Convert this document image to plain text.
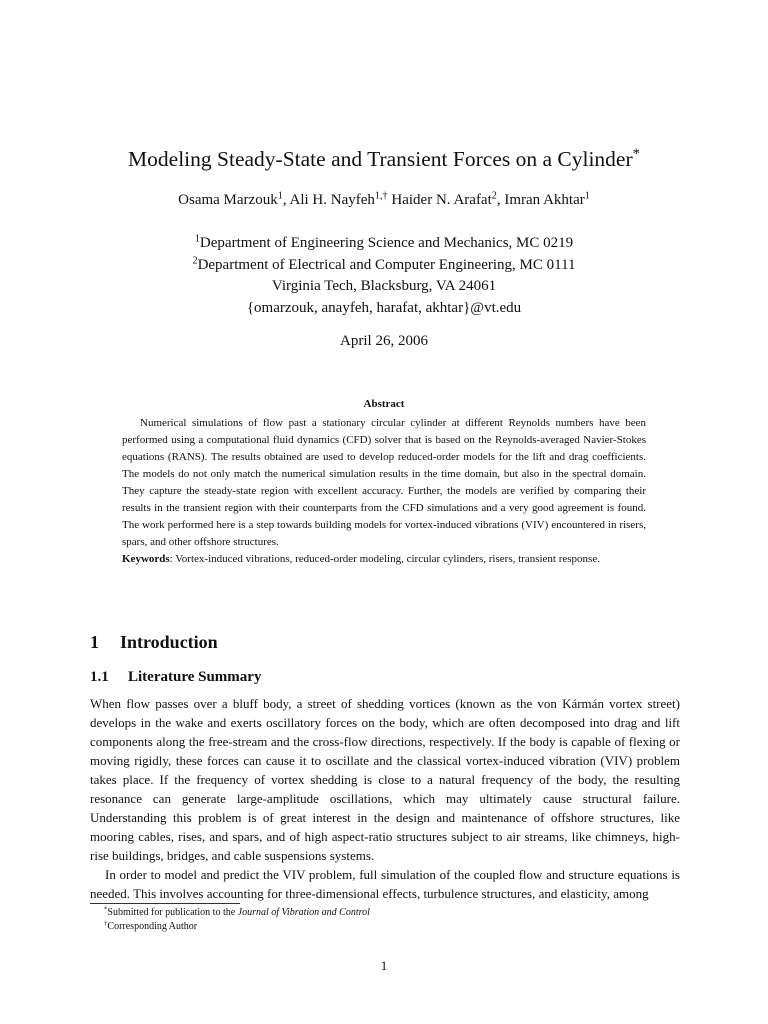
Modeling Steady-State and Transient Forces on a Cylinder*
Osama Marzouk$^1$, Ali H. Nayfeh$^{1,\dagger}$ Haider N. Arafat$^2$, Imran Akhtar$^1$
$^1$Department of Engineering Science and Mechanics, MC 0219
$^2$Department of Electrical and Computer Engineering, MC 0111
Virginia Tech, Blacksburg, VA 24061
{omarzouk, anayfeh, harafat, akhtar}@vt.edu
April 26, 2006
Abstract

Numerical simulations of flow past a stationary circular cylinder at different Reynolds numbers have been performed using a computational fluid dynamics (CFD) solver that is based on the Reynolds-averaged Navier-Stokes equations (RANS). The results obtained are used to develop reduced-order models for the lift and drag coefficients. The models do not only match the numerical simulation results in the time domain, but also in the spectral domain. They capture the steady-state region with excellent accuracy. Further, the models are verified by comparing their results in the transient region with their counterparts from the CFD simulations and a very good agreement is found. The work performed here is a step towards building models for vortex-induced vibrations (VIV) encountered in risers, spars, and other offshore structures.

Keywords: Vortex-induced vibrations, reduced-order modeling, circular cylinders, risers, transient response.

1 Introduction
1.1 Literature Summary

When flow passes over a bluff body, a street of shedding vortices (known as the von Kármán vortex street) develops in the wake and exerts oscillatory forces on the body, which are often decomposed into drag and lift components along the free-stream and the cross-flow directions, respectively. If the body is capable of flexing or moving rigidly, these forces can cause it to oscillate and the classical vortex-induced vibration (VIV) problem takes place. If the frequency of vortex shedding is close to a natural frequency of the body, the resulting resonance can generate large-amplitude oscillations, which may ultimately cause structural failure. Understanding this problem is of great interest in the design and maintenance of offshore structures, like mooring cables, rises, and spars, and of high aspect-ratio structures subject to air streams, like chimneys, high-rise buildings, bridges, and cable suspensions systems.

In order to model and predict the VIV problem, full simulation of the coupled flow and structure equations is needed. This involves accounting for three-dimensional effects, turbulence structures, and elasticity, among

*Submitted for publication to the Journal of Vibration and Control
†Corresponding Author
1
